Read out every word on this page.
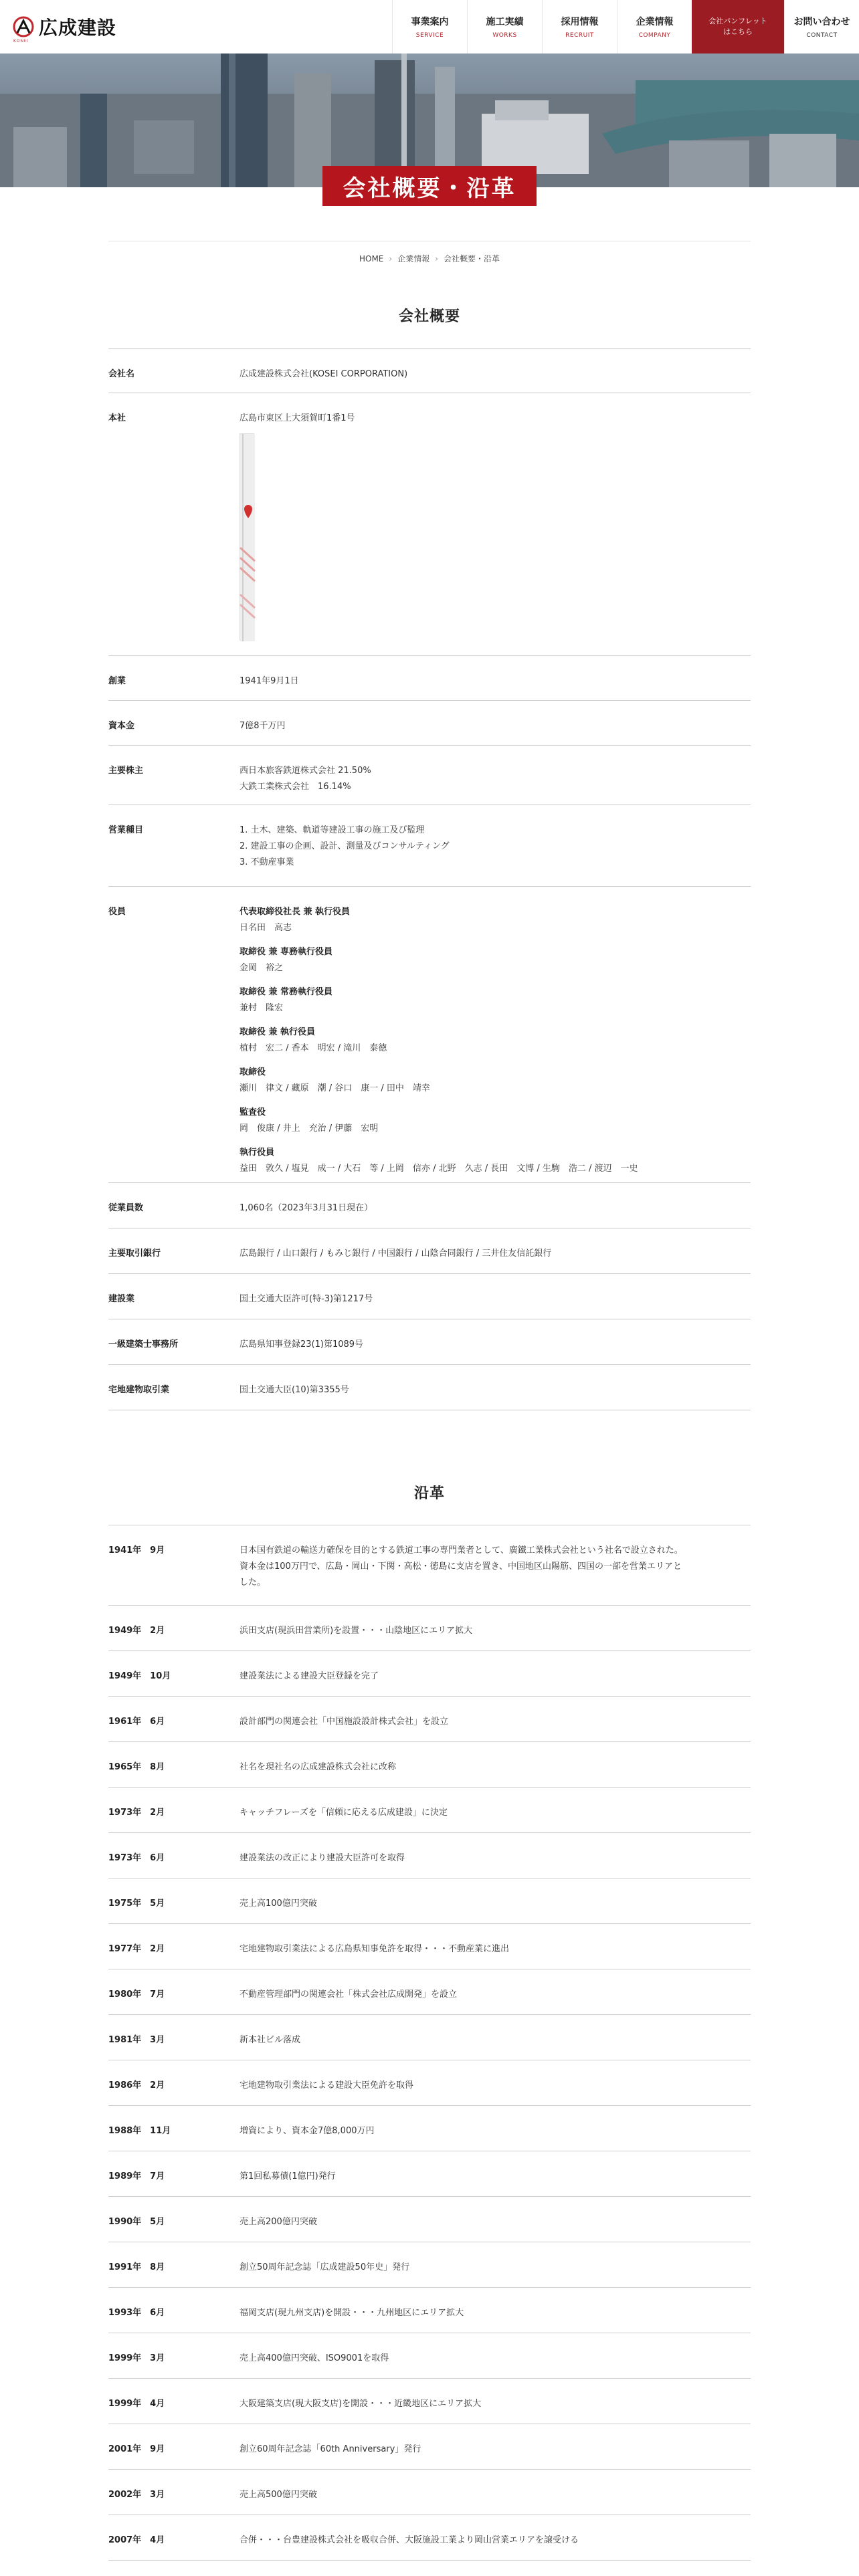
広成建設
KOSEI
事業案内
SERVICE
施工実績
WORKS
採用情報
RECRUIT
企業情報
COMPANY
会社パンフレット
はこちら
お問い合わせ
CONTACT
会社概要・沿革
HOME › 企業情報 › 会社概要・沿革
会社概要
会社名	広成建設株式会社(KOSEI CORPORATION)
本社	広島市東区上大須賀町1番1号
創業	1941年9月1日
資本金	7億8千万円
主要株主	西日本旅客鉄道株式会社 21.50%
大鉄工業株式会社　16.14%
営業種目	1. 土木、建築、軌道等建設工事の施工及び監理
2. 建設工事の企画、設計、測量及びコンサルティング
3. 不動産事業
役員	代表取締役社長 兼 執行役員
日名田　高志
取締役 兼 専務執行役員
金岡　裕之
取締役 兼 常務執行役員
兼村　隆宏
取締役 兼 執行役員
植村　宏二 / 香本　明宏 / 滝川　泰徳
取締役
瀬川　律文 / 藏原　潮 / 谷口　康一 / 田中　靖幸
監査役
岡　俊康 / 井上　充治 / 伊藤　宏明
執行役員
益田　敦久 / 塩見　成一 / 大石　等 / 上岡　信亦 / 北野　久志 / 長田　文博 / 生駒　浩二 / 渡辺　一史
従業員数	1,060名（2023年3月31日現在）
主要取引銀行	広島銀行 / 山口銀行 / もみじ銀行 / 中国銀行 / 山陰合同銀行 / 三井住友信託銀行
建設業	国土交通大臣許可(特-3)第1217号
一級建築士事務所	広島県知事登録23(1)第1089号
宅地建物取引業	国土交通大臣(10)第3355号
沿革
1941年　9月	日本国有鉄道の輸送力確保を目的とする鉄道工事の専門業者として、廣鐵工業株式会社という社名で設立された。
資本金は100万円で、広島・岡山・下関・高松・徳島に支店を置き、中国地区山陽筋、四国の一部を営業エリアと
した。
1949年　2月	浜田支店(現浜田営業所)を設置・・・山陰地区にエリア拡大
1949年　10月	建設業法による建設大臣登録を完了
1961年　6月	設計部門の関連会社「中国施設設計株式会社」を設立
1965年　8月	社名を現社名の広成建設株式会社に改称
1973年　2月	キャッチフレーズを「信頼に応える広成建設」に決定
1973年　6月	建設業法の改正により建設大臣許可を取得
1975年　5月	売上高100億円突破
1977年　2月	宅地建物取引業法による広島県知事免許を取得・・・不動産業に進出
1980年　7月	不動産管理部門の関連会社「株式会社広成開発」を設立
1981年　3月	新本社ビル落成
1986年　2月	宅地建物取引業法による建設大臣免許を取得
1988年　11月	増資により、資本金7億8,000万円
1989年　7月	第1回私募債(1億円)発行
1990年　5月	売上高200億円突破
1991年　8月	創立50周年記念誌「広成建設50年史」発行
1993年　6月	福岡支店(現九州支店)を開設・・・九州地区にエリア拡大
1999年　3月	売上高400億円突破、ISO9001を取得
1999年　4月	大阪建築支店(現大阪支店)を開設・・・近畿地区にエリア拡大
2001年　9月	創立60周年記念誌「60th Anniversary」発行
2002年　3月	売上高500億円突破
2007年　4月	合併・・・台豊建設株式会社を吸収合併、大阪施設工業より岡山営業エリアを譲受ける
